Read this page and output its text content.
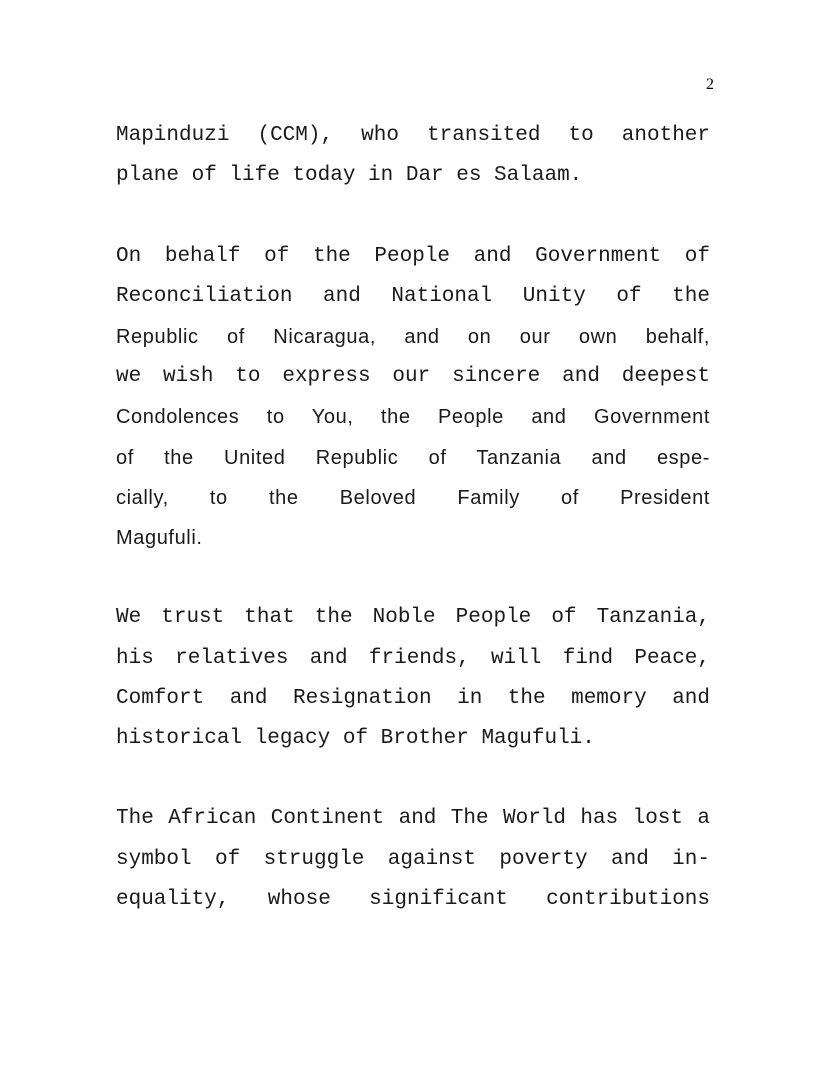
2
Mapinduzi (CCM), who transited to another
plane of life today in Dar es Salaam.
On behalf of the People and Government of
Reconciliation and National Unity of the
Republic of Nicaragua, and on our own behalf,
we wish to express our sincere and deepest
Condolences to You, the People and Government
of the United Republic of Tanzania and espe-
cially, to the Beloved Family of President
Magufuli.
We trust that the Noble People of Tanzania,
his relatives and friends, will find Peace,
Comfort and Resignation in the memory and
historical legacy of Brother Magufuli.
The African Continent and The World has lost a
symbol of struggle against poverty and in-
equality, whose significant contributions
